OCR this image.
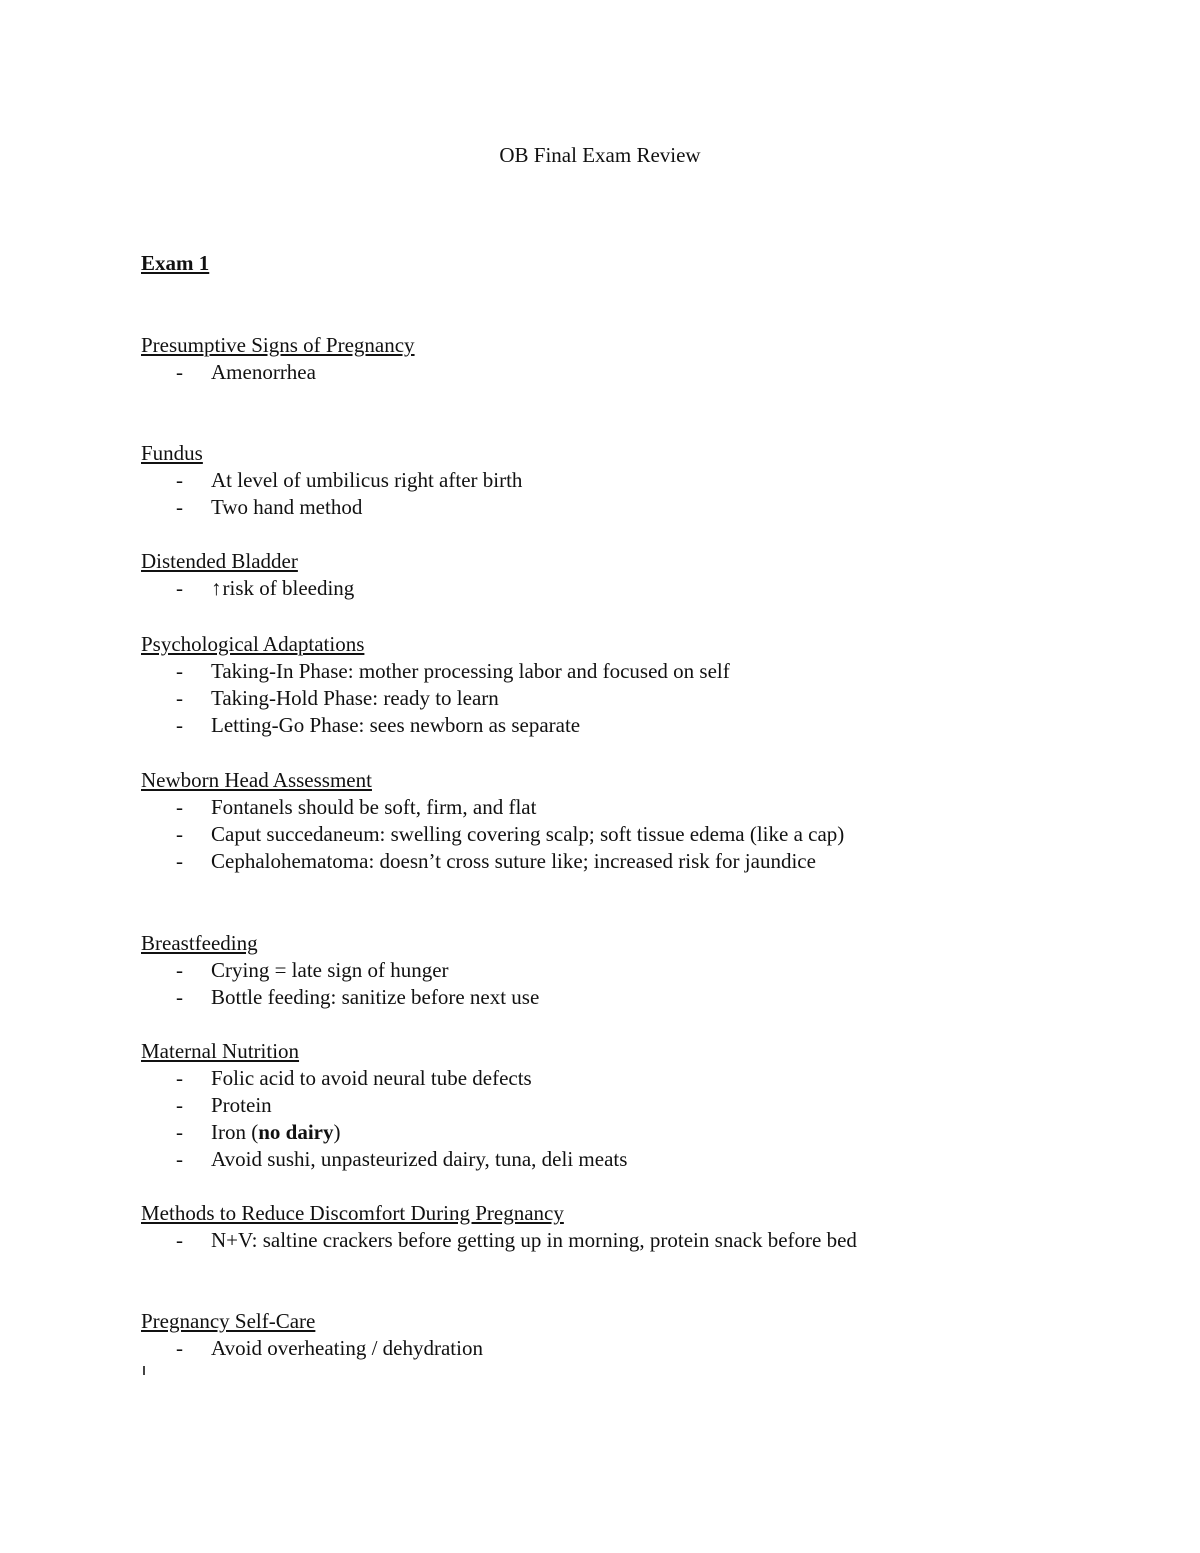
OB Final Exam Review
Exam 1
Presumptive Signs of Pregnancy
- Amenorrhea
Fundus
- At level of umbilicus right after birth
- Two hand method
Distended Bladder
- ↑risk of bleeding
Psychological Adaptations
- Taking-In Phase: mother processing labor and focused on self
- Taking-Hold Phase: ready to learn
- Letting-Go Phase: sees newborn as separate
Newborn Head Assessment
- Fontanels should be soft, firm, and flat
- Caput succedaneum: swelling covering scalp; soft tissue edema (like a cap)
- Cephalohematoma: doesn’t cross suture like; increased risk for jaundice
Breastfeeding
- Crying = late sign of hunger
- Bottle feeding: sanitize before next use
Maternal Nutrition
- Folic acid to avoid neural tube defects
- Protein
- Iron (no dairy)
- Avoid sushi, unpasteurized dairy, tuna, deli meats
Methods to Reduce Discomfort During Pregnancy
- N+V: saltine crackers before getting up in morning, protein snack before bed
Pregnancy Self-Care
- Avoid overheating / dehydration
